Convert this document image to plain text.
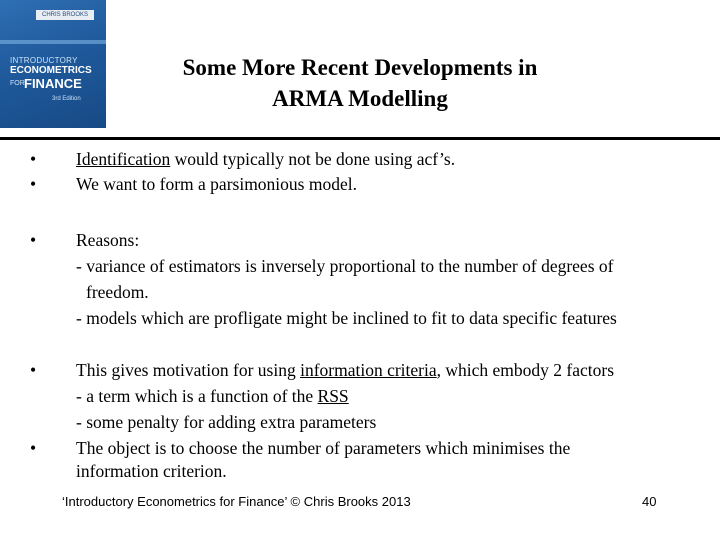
CHRIS BROOKS
INTRODUCTORY
ECONOMETRICS
FOR FINANCE
3rd Edition
Some More Recent Developments in
ARMA Modelling
•	Identification would typically not be done using acf’s.
•	We want to form a parsimonious model.
•	Reasons:
- variance of estimators is inversely proportional to the number of degrees of
freedom.
- models which are profligate might be inclined to fit to data specific features
•	This gives motivation for using information criteria, which embody 2 factors
- a term which is a function of the RSS
- some penalty for adding extra parameters
•	The object is to choose the number of parameters which minimises the
information criterion.
‘Introductory Econometrics for Finance’ © Chris Brooks 2013	40
